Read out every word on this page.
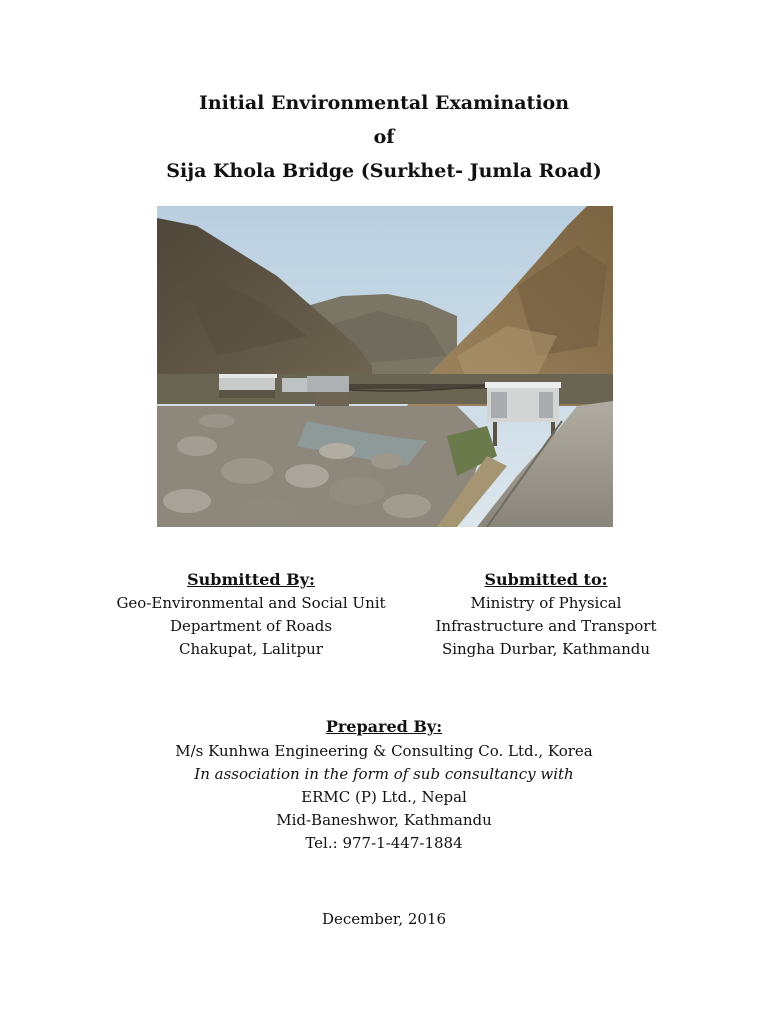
Initial Environmental Examination
of
Sija Khola Bridge (Surkhet- Jumla Road)
Submitted By:
Geo-Environmental and Social Unit
Department of Roads
Chakupat, Lalitpur
Submitted to:
Ministry of Physical
Infrastructure and Transport
Singha Durbar, Kathmandu
Prepared By:
M/s Kunhwa Engineering & Consulting Co. Ltd., Korea
In association in the form of sub consultancy with
ERMC (P) Ltd., Nepal
Mid-Baneshwor, Kathmandu
Tel.: 977-1-447-1884
December, 2016
